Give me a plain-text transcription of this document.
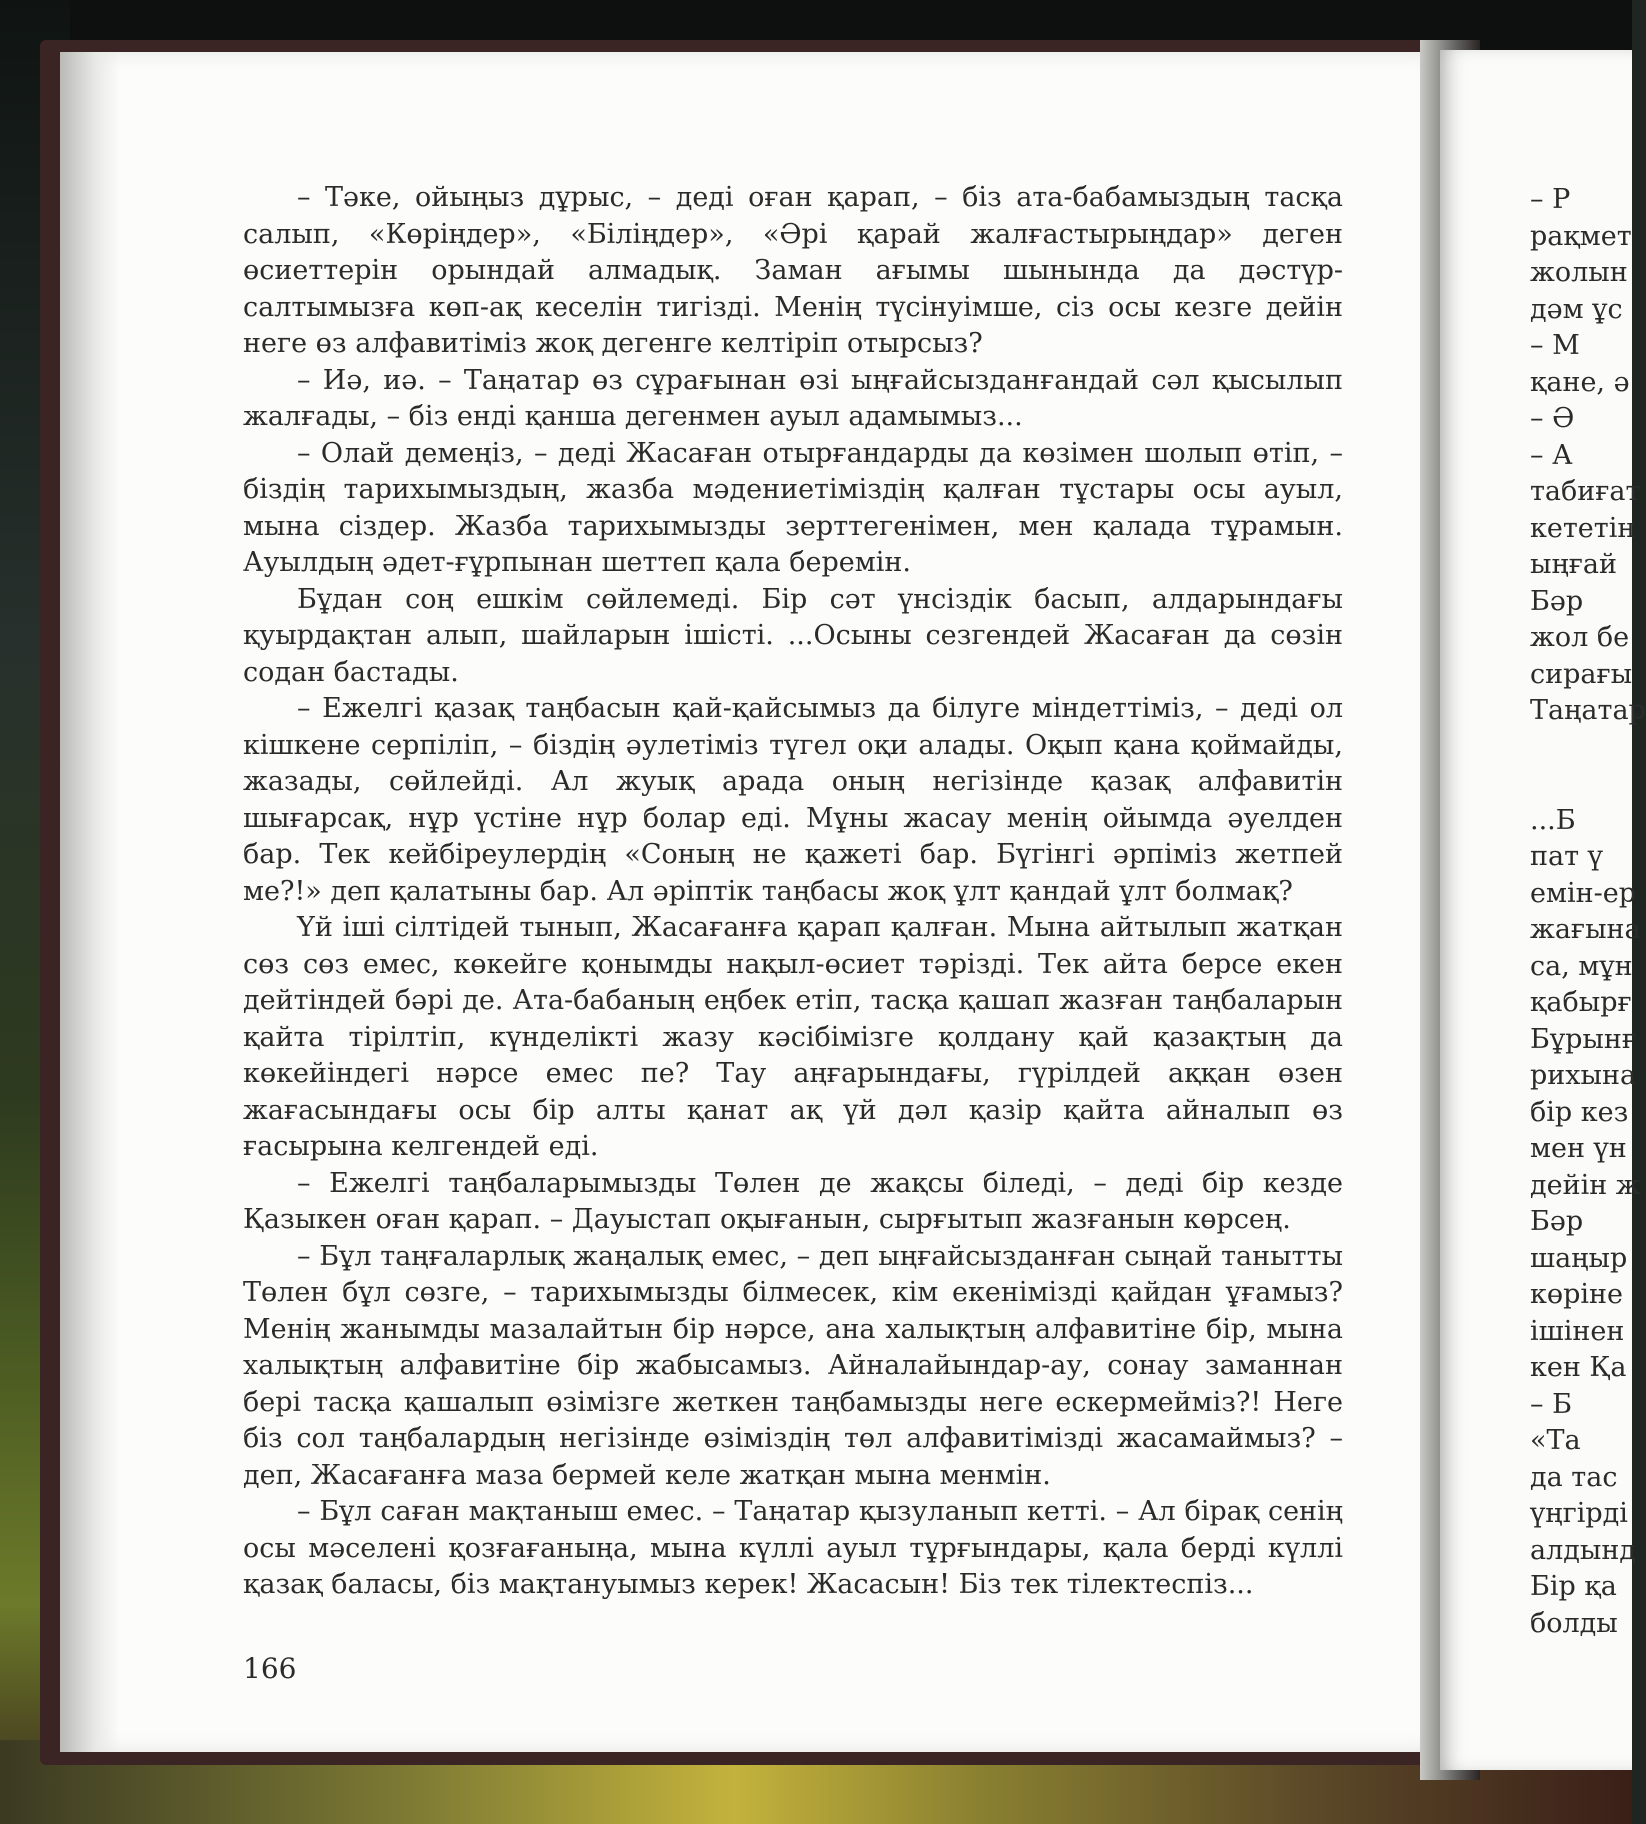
– Тәке, ойыңыз дұрыс, – деді оған қарап, – біз ата-бабамыздың тасқа салып, «Көріңдер», «Біліңдер», «Әрі қарай жалғастырыңдар» деген өсиеттерін орындай алмадық. Заман ағымы шынында да дәстүр-салтымызға көп-ақ кеселін тигізді. Менің түсінуімше, сіз осы кезге дейін неге өз алфавитіміз жоқ дегенге келтіріп отырсыз?

– Иә, иә. – Таңатар өз сұрағынан өзі ыңғайсызданғандай сәл қысылып жалғады, – біз енді қанша дегенмен ауыл адамымыз...

– Олай демеңіз, – деді Жасаған отырғандарды да көзімен шолып өтіп, – біздің тарихымыздың, жазба мәдениетіміздің қалған тұстары осы ауыл, мына сіздер. Жазба тарихымызды зерттегенімен, мен қалада тұрамын. Ауылдың әдет-ғұрпынан шеттеп қала беремін.

Бұдан соң ешкім сөйлемеді. Бір сәт үнсіздік басып, алдарындағы қуырдақтан алып, шайларын ішісті. ...Осыны сезгендей Жасаған да сөзін содан бастады.

– Ежелгі қазақ таңбасын қай-қайсымыз да білуге міндеттіміз, – деді ол кішкене серпіліп, – біздің әулетіміз түгел оқи алады. Оқып қана қоймайды, жазады, сөйлейді. Ал жуық арада оның негізінде қазақ алфавитін шығарсақ, нұр үстіне нұр болар еді. Мұны жасау менің ойымда әуелден бар. Тек кейбіреулердің «Соның не қажеті бар. Бүгінгі әрпіміз жетпей ме?!» деп қалатыны бар. Ал әріптік таңбасы жоқ ұлт қандай ұлт болмақ?

Үй іші сілтідей тынып, Жасағанға қарап қалған. Мына айтылып жатқан сөз сөз емес, көкейге қонымды нақыл-өсиет тәрізді. Тек айта берсе екен дейтіндей бәрі де. Ата-бабаның еңбек етіп, тасқа қашап жазған таңбаларын қайта тірілтіп, күнделікті жазу кәсібімізге қолдану қай қазақтың да көкейіндегі нәрсе емес пе? Тау аңғарындағы, гүрілдей аққан өзен жағасындағы осы бір алты қанат ақ үй дәл қазір қайта айналып өз ғасырына келгендей еді.

– Ежелгі таңбаларымызды Төлен де жақсы біледі, – деді бір кезде Қазыкен оған қарап. – Дауыстап оқығанын, сырғытып жазғанын көрсең.

– Бұл таңғаларлық жаңалық емес, – деп ыңғайсызданған сыңай танытты Төлен бұл сөзге, – тарихымызды білмесек, кім екенімізді қайдан ұғамыз? Менің жанымды мазалайтын бір нәрсе, ана халықтың алфавитіне бір, мына халықтың алфавитіне бір жабысамыз. Айналайындар-ау, сонау заманнан бері тасқа қашалып өзімізге жеткен таңбамызды неге ескермейміз?! Неге біз сол таңбалардың негізінде өзіміздің төл алфавитімізді жасамаймыз? – деп, Жасағанға маза бермей келе жатқан мына менмін.

– Бұл саған мақтаныш емес. – Таңатар қызуланып кетті. – Ал бірақ сенің осы мәселені қозғағаныңа, мына күллі ауыл тұрғындары, қала берді күллі қазақ баласы, біз мақтануымыз керек! Жасасын! Біз тек тілектеспіз...

166
– Р
рақмет
жолын
дәм ұс
– М
қане, ә
– Ә
– А
табиғат
кететін
ыңғай
Бәр
жол бе
сирағы
Таңатар
...Б
пат ү
емін-ер
жағына
са, мұн
қабырғ
Бұрынғ
рихына
бір кез
мен үн
дейін ж
Бәр
шаңыр
көріне
ішінен
кен Қа
– Б
«Та
да тас
үңгірді
алдынд
Бір қа
болды
